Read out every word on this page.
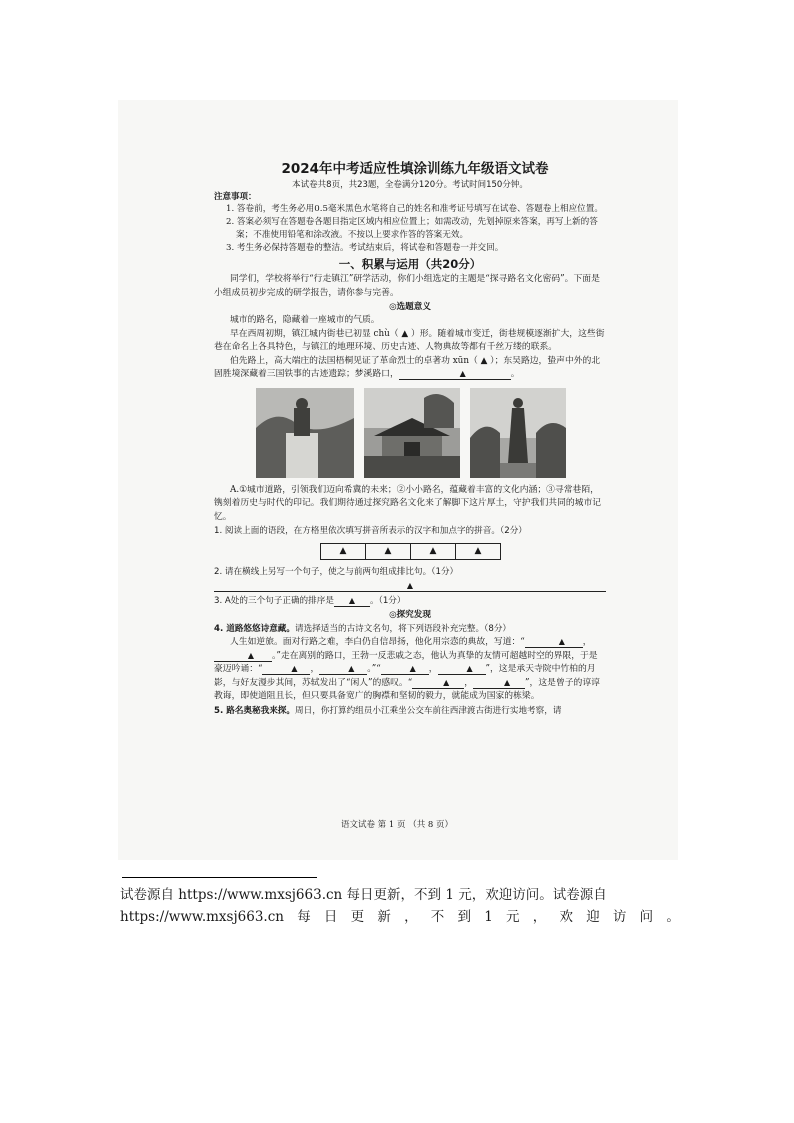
2024年中考适应性填涂训练九年级语文试卷
本试卷共8页，共23题，全卷满分120分。考试时间150分钟。
注意事项：
1. 答卷前，考生务必用0.5毫米黑色水笔将自己的姓名和准考证号填写在试卷、答题卷上相应位置。
2. 答案必须写在答题卷各题目指定区域内相应位置上；如需改动，先划掉原来答案，再写上新的答案；不准使用铅笔和涂改液。不按以上要求作答的答案无效。
3. 考生务必保持答题卷的整洁。考试结束后，将试卷和答题卷一并交回。
一、积累与运用（共20分）
同学们，学校将举行“行走镇江”研学活动，你们小组选定的主题是“探寻路名文化密码”。下面是小组成员初步完成的研学报告，请你参与完善。
◎选题意义
城市的路名，隐藏着一座城市的气质。
早在西周初期，镇江城内街巷已初显 chù（ ▲ ）形。随着城市变迁，街巷规模逐渐扩大，这些街巷在命名上各具特色，与镇江的地理环境、历史古迹、人物典故等都有千丝万缕的联系。
伯先路上，高大端庄的法国梧桐见证了革命烈士的卓著功 xūn（ ▲ ）；东吴路边，蛰声中外的北固胜境深藏着三国铁事的古迹遗踪；梦溪路口，	▲	。
A.①城市道路，引领我们迈向希冀的未来；②小小路名，蕴藏着丰富的文化内涵；③寻常巷陌，镌刻着历史与时代的印记。我们期待通过探究路名文化来了解脚下这片厚土，守护我们共同的城市记忆。
1. 阅读上面的语段，在方格里依次填写拼音所表示的汉字和加点字的拼音。（2分）
▲	▲	▲	▲
2. 请在横线上另写一个句子，使之与前两句组成排比句。（1分）
▲
3. A处的三个句子正确的排序是 ▲ 。（1分）
◎探究发现
4. 道路悠悠诗意藏。请选择适当的古诗文名句，将下列语段补充完整。（8分）
人生如逆旅。面对行路之难，李白仍自信昂扬，他化用宗悫的典故，写道：“	▲ ，▲ 。”走在离别的路口，王勃一反悲戚之态，他认为真挚的友情可超越时空的界限，于是豪迈吟诵：“	▲ ，	▲ 。”“	▲ ，	▲ ”，这是承天寺院中竹柏的月影，与好友漫步其间，苏轼发出了“闲人”的感叹。“	▲ ，	▲ ”，这是曾子的谆谆教诲，即使道阻且长，但只要具备宽广的胸襟和坚韧的毅力，就能成为国家的栋梁。
5. 路名奥秘我来探。周日，你打算约组员小江乘坐公交车前往西津渡古街进行实地考察，请
语文试卷 第 1 页 （共 8 页）
试卷源自 https://www.mxsj663.cn 每日更新，不到 1 元，欢迎访问。试卷源自
https://www.mxsj663.cn 每 日 更 新 ， 不 到 1 元 ， 欢 迎 访 问 。
